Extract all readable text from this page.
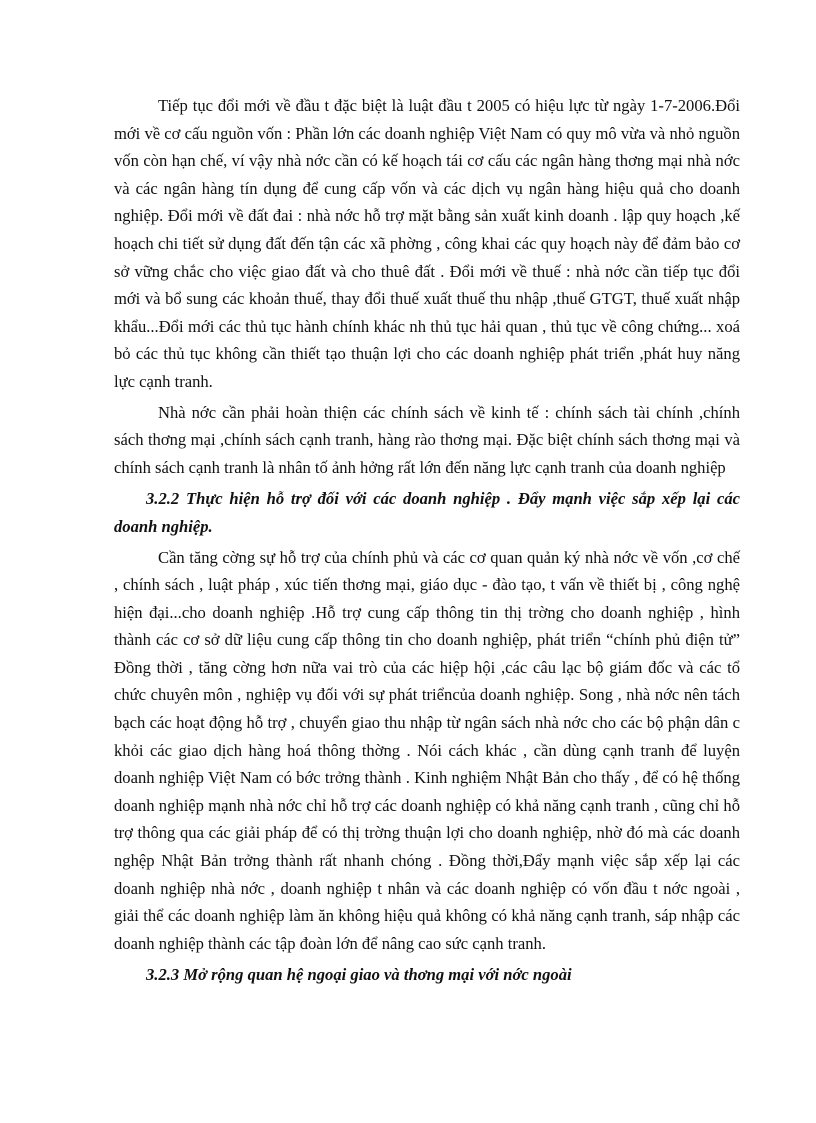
Tiếp tục đổi mới về đầu t đặc biệt là luật đầu t 2005 có hiệu lực từ ngày 1-7-2006.Đổi mới về cơ cấu nguồn vốn : Phần lớn các doanh nghiệp Việt Nam có quy mô vừa và nhỏ nguồn vốn còn hạn chế, ví vậy nhà nớc cần có kế hoạch tái cơ cấu các ngân hàng thơng mại nhà nớc và các ngân hàng tín dụng để cung cấp vốn và các dịch vụ ngân hàng hiệu quả cho doanh nghiệp. Đổi mới về đất đai : nhà nớc hỗ trợ mặt bằng sản xuất kinh doanh . lập quy hoạch ,kế hoạch chi tiết sử dụng đất đến tận các xã phờng , công khai các quy hoạch này để đảm bảo cơ sở vững chắc cho việc giao đất và cho thuê đất . Đổi mới về thuế : nhà nớc cần tiếp tục đổi mới và bổ sung các khoản thuế, thay đổi thuế xuất thuế thu nhập ,thuế GTGT, thuế xuất nhập khẩu...Đổi mới các thủ tục hành chính khác nh thủ tục hải quan , thủ tục về công chứng... xoá bỏ các thủ tục không cần thiết tạo thuận lợi cho các doanh nghiệp phát triển ,phát huy năng lực cạnh tranh.

Nhà nớc cần phải hoàn thiện các chính sách về kinh tế : chính sách tài chính ,chính sách thơng mại ,chính sách cạnh tranh, hàng rào thơng mại. Đặc biệt chính sách thơng mại và chính sách cạnh tranh là nhân tố ảnh hởng rất lớn đến năng lực cạnh tranh của doanh nghiệp

3.2.2 Thực hiện hỗ trợ đối với các doanh nghiệp . Đẩy mạnh việc sắp xếp lại các doanh nghiệp.

Cần tăng cờng sự hỗ trợ của chính phủ và các cơ quan quản ký nhà nớc về vốn ,cơ chế , chính sách , luật pháp , xúc tiến thơng mại, giáo dục - đào tạo, t vấn về thiết bị , công nghệ hiện đại...cho doanh nghiệp .Hỗ trợ cung cấp thông tin thị trờng cho doanh nghiệp , hình thành các cơ sở dữ liệu cung cấp thông tin cho doanh nghiệp, phát triển “chính phủ điện tử” Đồng thời , tăng cờng hơn nữa vai trò của các hiệp hội ,các câu lạc bộ giám đốc và các tổ chức chuyên môn , nghiệp vụ đối với sự phát triểncủa doanh nghiệp. Song , nhà nớc nên tách bạch các hoạt động hỗ trợ , chuyển giao thu nhập từ ngân sách nhà nớc cho các bộ phận dân c khỏi các giao dịch hàng hoá thông thờng . Nói cách khác , cần dùng cạnh tranh để luyện doanh nghiệp Việt Nam có bớc trởng thành . Kinh nghiệm Nhật Bản cho thấy , để có hệ thống doanh nghiệp mạnh nhà nớc chỉ hỗ trợ các doanh nghiệp có khả năng cạnh tranh , cũng chỉ hỗ trợ thông qua các giải pháp để có thị trờng thuận lợi cho doanh nghiệp, nhờ đó mà các doanh nghệp Nhật Bản trởng thành rất nhanh chóng . Đồng thời,Đẩy mạnh việc sắp xếp lại các doanh nghiệp nhà nớc , doanh nghiệp t nhân và các doanh nghiệp có vốn đầu t nớc ngoài , giải thể các doanh nghiệp làm ăn không hiệu quả không có khả năng cạnh tranh, sáp nhập các doanh nghiệp thành các tập đoàn lớn để nâng cao sức cạnh tranh.

3.2.3 Mở rộng quan hệ ngoại giao và thơng mại với nớc ngoài
